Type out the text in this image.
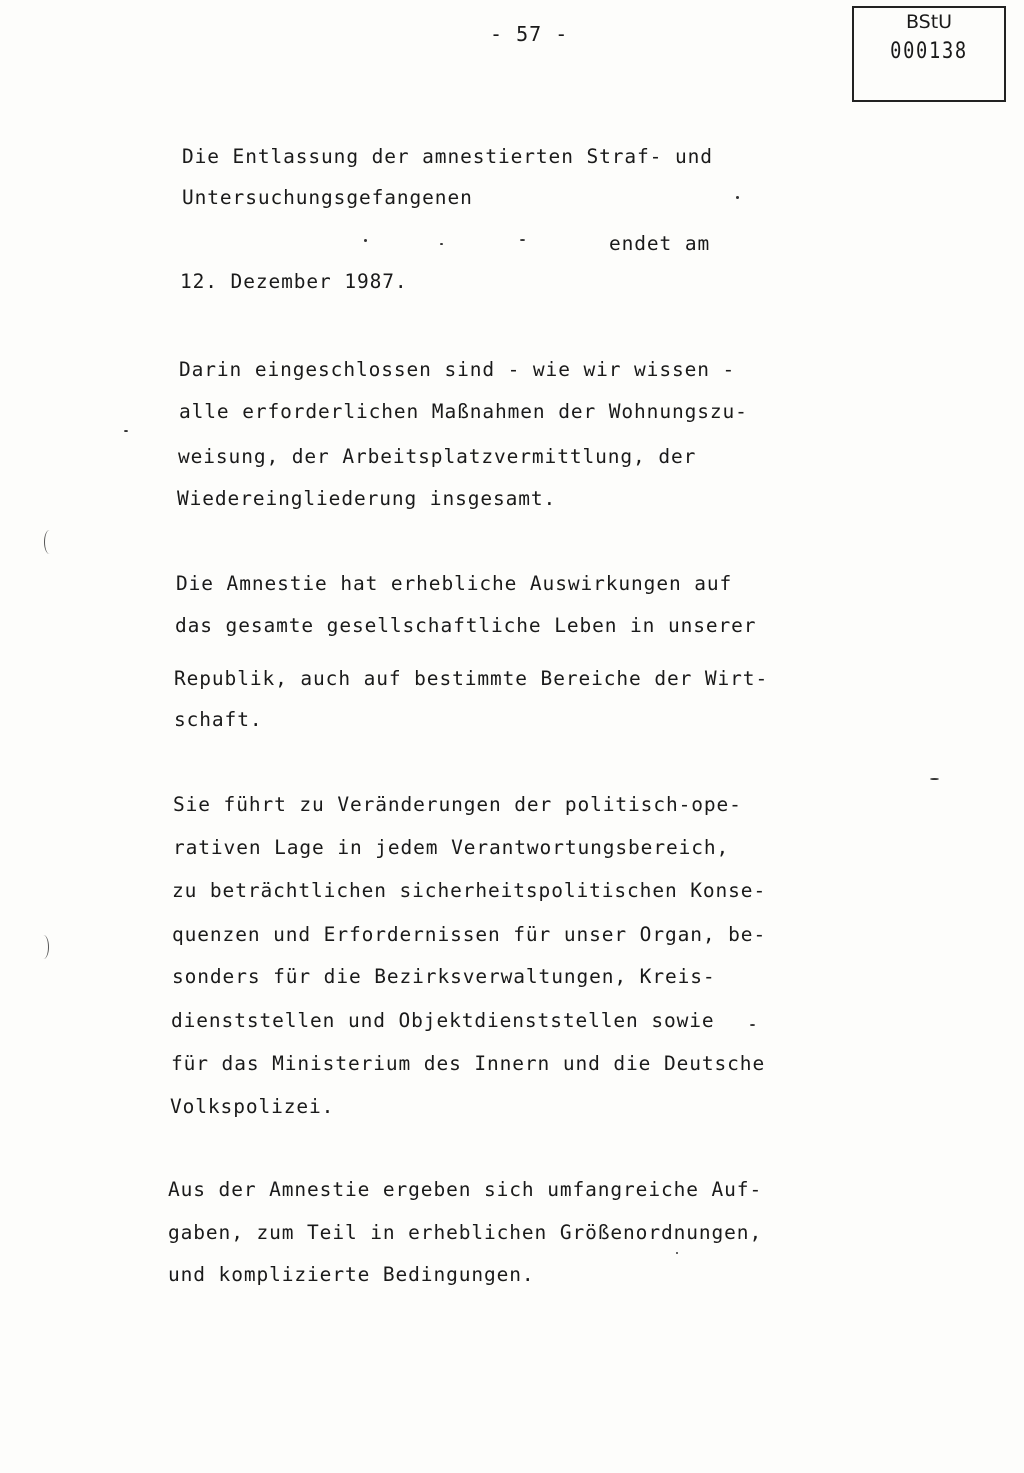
- 57 -	BStU
000138
Die Entlassung der amnestierten Straf- und
Untersuchungsgefangenen
endet am
12. Dezember 1987.
Darin eingeschlossen sind - wie wir wissen -
alle erforderlichen Maßnahmen der Wohnungszu-
weisung, der Arbeitsplatzvermittlung, der
Wiedereingliederung insgesamt.
Die Amnestie hat erhebliche Auswirkungen auf
das gesamte gesellschaftliche Leben in unserer
Republik, auch auf bestimmte Bereiche der Wirt-
schaft.
Sie führt zu Veränderungen der politisch-ope-
rativen Lage in jedem Verantwortungsbereich,
zu beträchtlichen sicherheitspolitischen Konse-
quenzen und Erfordernissen für unser Organ, be-
sonders für die Bezirksverwaltungen, Kreis-
dienststellen und Objektdienststellen sowie
für das Ministerium des Innern und die Deutsche
Volkspolizei.
Aus der Amnestie ergeben sich umfangreiche Auf-
gaben, zum Teil in erheblichen Größenordnungen,
und komplizierte Bedingungen.
